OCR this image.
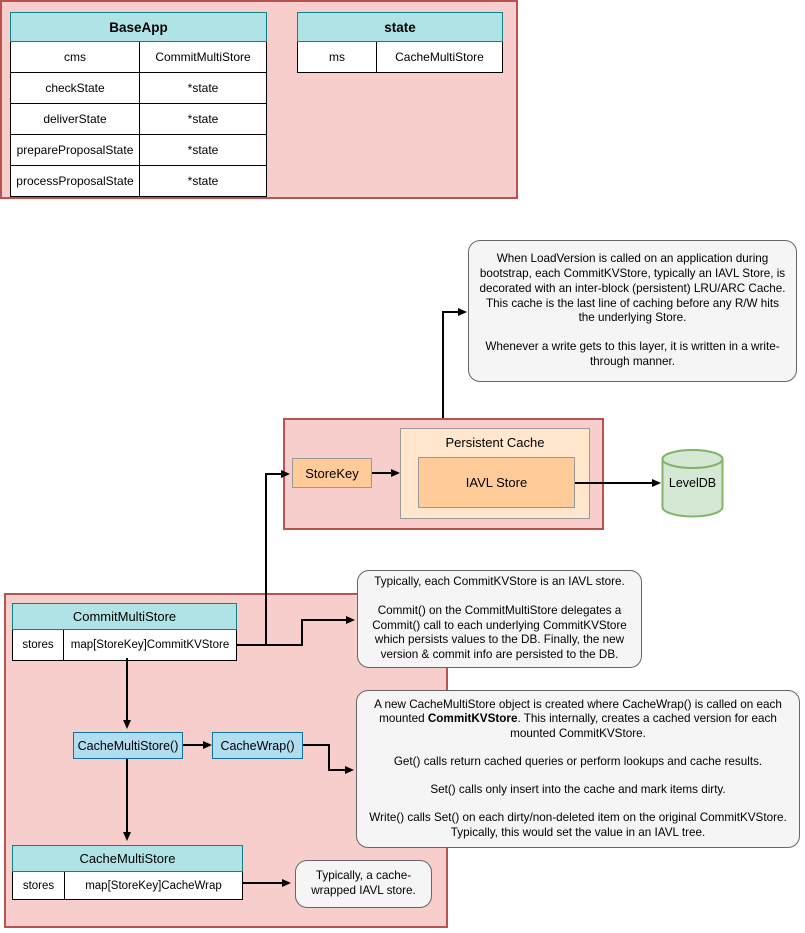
BaseApp
cms	CommitMultiStore
checkState	*state
deliverState	*state
prepareProposalState	*state
processProposalState	*state
state
ms	CacheMultiStore
StoreKey
Persistent Cache
IAVL Store	LevelDB
CommitMultiStore
stores	map[StoreKey]CommitKVStore
CacheMultiStore()	CacheWrap()
CacheMultiStore
stores	map[StoreKey]CacheWrap

When LoadVersion is called on an application during bootstrap, each CommitKVStore, typically an IAVL Store, is decorated with an inter-block (persistent) LRU/ARC Cache. This cache is the last line of caching before any R/W hits the underlying Store.

Whenever a write gets to this layer, it is written in a write-through manner.

Typically, each CommitKVStore is an IAVL store.

Commit() on the CommitMultiStore delegates a Commit() call to each underlying CommitKVStore which persists values to the DB. Finally, the new version & commit info are persisted to the DB.

A new CacheMultiStore object is created where CacheWrap() is called on each mounted CommitKVStore. This internally, creates a cached version for each mounted CommitKVStore.

Get() calls return cached queries or perform lookups and cache results.

Set() calls only insert into the cache and mark items dirty.

Write() calls Set() on each dirty/non-deleted item on the original CommitKVStore. Typically, this would set the value in an IAVL tree.

Typically, a cache-wrapped IAVL store.
